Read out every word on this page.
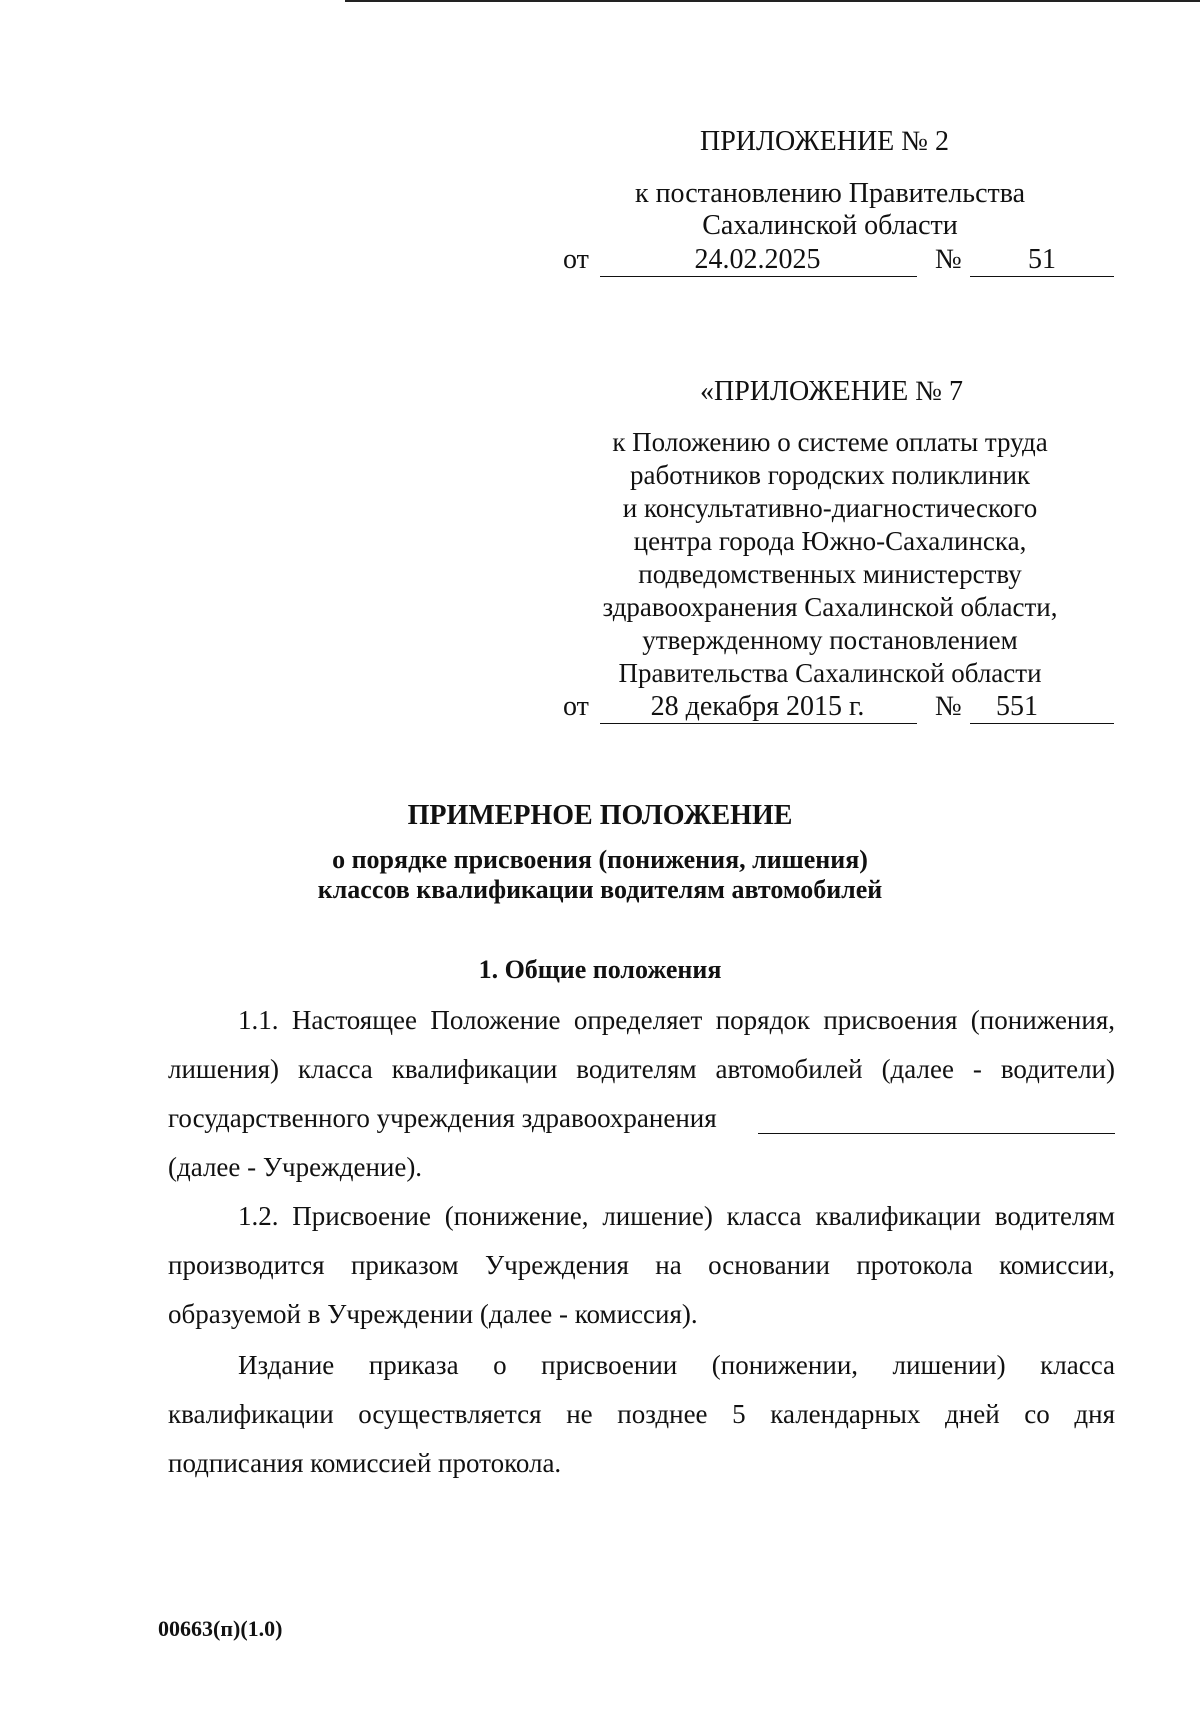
ПРИЛОЖЕНИЕ № 2
к постановлению Правительства
Сахалинской области
от	24.02.2025	№	51
«ПРИЛОЖЕНИЕ № 7
к Положению о системе оплаты труда
работников городских поликлиник
и консультативно-диагностического
центра города Южно-Сахалинска,
подведомственных министерству
здравоохранения Сахалинской области,
утвержденному постановлением
Правительства Сахалинской области
от	28 декабря 2015 г.	№	551
ПРИМЕРНОЕ ПОЛОЖЕНИЕ
о порядке присвоения (понижения, лишения)
классов квалификации водителям автомобилей
1. Общие положения
1.1. Настоящее Положение определяет порядок присвоения (понижения,
лишения) класса квалификации водителям автомобилей (далее - водители)
государственного учреждения здравоохранения
(далее - Учреждение).
1.2. Присвоение (понижение, лишение) класса квалификации водителям
производится приказом Учреждения на основании протокола комиссии,
образуемой в Учреждении (далее - комиссия).
Издание приказа о присвоении (понижении, лишении) класса
квалификации осуществляется не позднее 5 календарных дней со дня
подписания комиссией протокола.
00663(п)(1.0)
